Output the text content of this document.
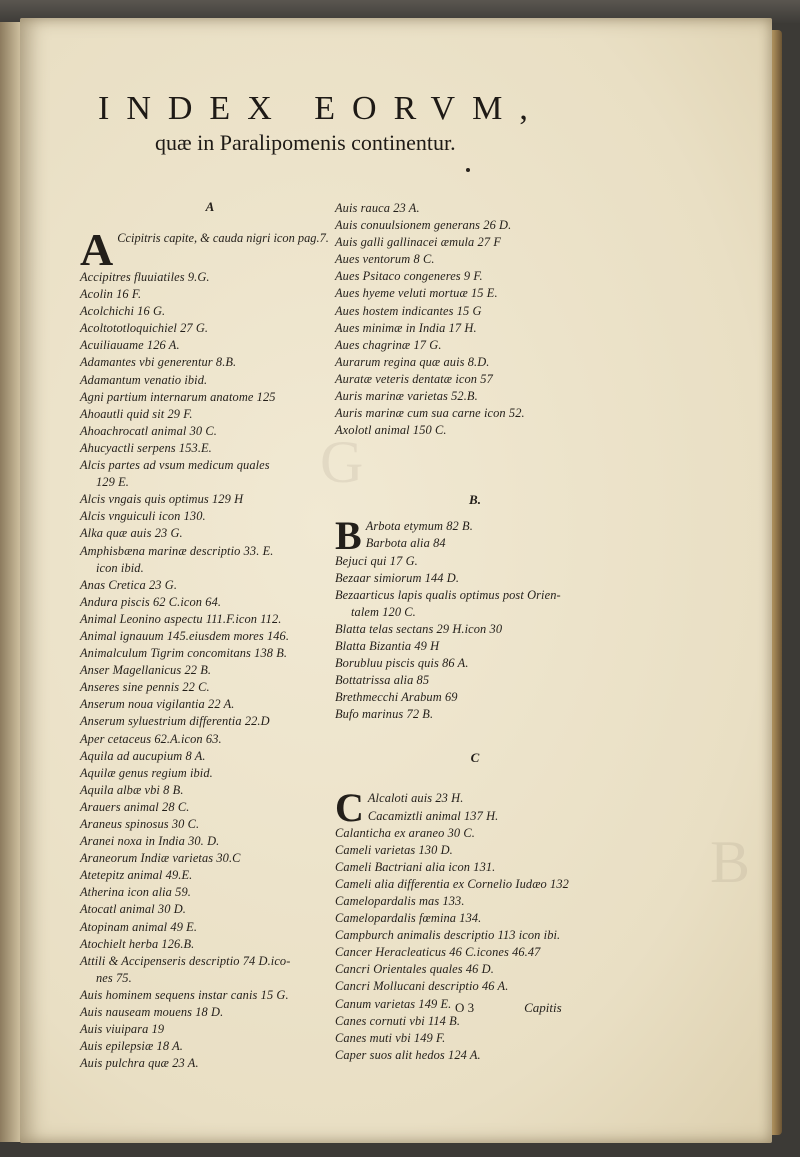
G
B
INDEX EORVM,
quæ in Paralipomenis continentur.
A
A Ccipitris capite, & cauda nigri icon pag.7.
Accipitres fluuiatiles 9.G.
Acolin 16 F.
Acolchichi 16 G.
Acoltototloquichiel 27 G.
Acuiliauame 126 A.
Adamantes vbi generentur 8.B.
Adamantum venatio ibid.
Agni partium internarum anatome 125
Ahoautli quid sit 29 F.
Ahoachrocatl animal 30 C.
Ahucyactli serpens 153.E.
Alcis partes ad vsum medicum quales
129 E.
Alcis vngais quis optimus 129 H
Alcis vnguiculi icon 130.
Alka quæ auis 23 G.
Amphisbæna marinæ descriptio 33. E.
icon ibid.
Anas Cretica 23 G.
Andura piscis 62 C.icon 64.
Animal Leonino aspectu 111.F.icon 112.
Animal ignauum 145.eiusdem mores 146.
Animalculum Tigrim concomitans 138 B.
Anser Magellanicus 22 B.
Anseres sine pennis 22 C.
Anserum noua vigilantia 22 A.
Anserum syluestrium differentia 22.D
Aper cetaceus 62.A.icon 63.
Aquila ad aucupium 8 A.
Aquilæ genus regium ibid.
Aquila albæ vbi 8 B.
Arauers animal 28 C.
Araneus spinosus 30 C.
Aranei noxa in India 30. D.
Araneorum Indiæ varietas 30.C
Atetepitz animal 49.E.
Atherina icon alia 59.
Atocatl animal 30 D.
Atopinam animal 49 E.
Atochielt herba 126.B.
Attili & Accipenseris descriptio 74 D.ico-
nes 75.
Auis hominem sequens instar canis 15 G.
Auis nauseam mouens 18 D.
Auis viuipara 19
Auis epilepsiæ 18 A.
Auis pulchra quæ 23 A.
Auis rauca 23 A.
Auis conuulsionem generans 26 D.
Auis galli gallinacei æmula 27 F
Aues ventorum 8 C.
Aues Psitaco congeneres 9 F.
Aues hyeme veluti mortuæ 15 E.
Aues hostem indicantes 15 G
Aues minimæ in India 17 H.
Aues chagrinæ 17 G.
Aurarum regina quæ auis 8.D.
Auratæ veteris dentatæ icon 57
Auris marinæ varietas 52.B.
Auris marinæ cum sua carne icon 52.
Axolotl animal 150 C.
B.
B Arbota etymum 82 B.
Barbota alia 84
Bejuci qui 17 G.
Bezaar simiorum 144 D.
Bezaarticus lapis qualis optimus post Orien-
talem 120 C.
Blatta telas sectans 29 H.icon 30
Blatta Bizantia 49 H
Borubluu piscis quis 86 A.
Bottatrissa alia 85
Brethmecchi Arabum 69
Bufo marinus 72 B.
C
C Alcaloti auis 23 H.
Cacamiztli animal 137 H.
Calanticha ex araneo 30 C.
Cameli varietas 130 D.
Cameli Bactriani alia icon 131.
Cameli alia differentia ex Cornelio Iudæo 132
Camelopardalis mas 133.
Camelopardalis fœmina 134.
Campburch animalis descriptio 113 icon ibi.
Cancer Heracleaticus 46 C.icones 46.47
Cancri Orientales quales 46 D.
Cancri Mollucani descriptio 46 A.
Canum varietas 149 E.
Canes cornuti vbi 114 B.
Canes muti vbi 149 F.
Caper suos alit hedos 124 A.
O 3	Capitis
